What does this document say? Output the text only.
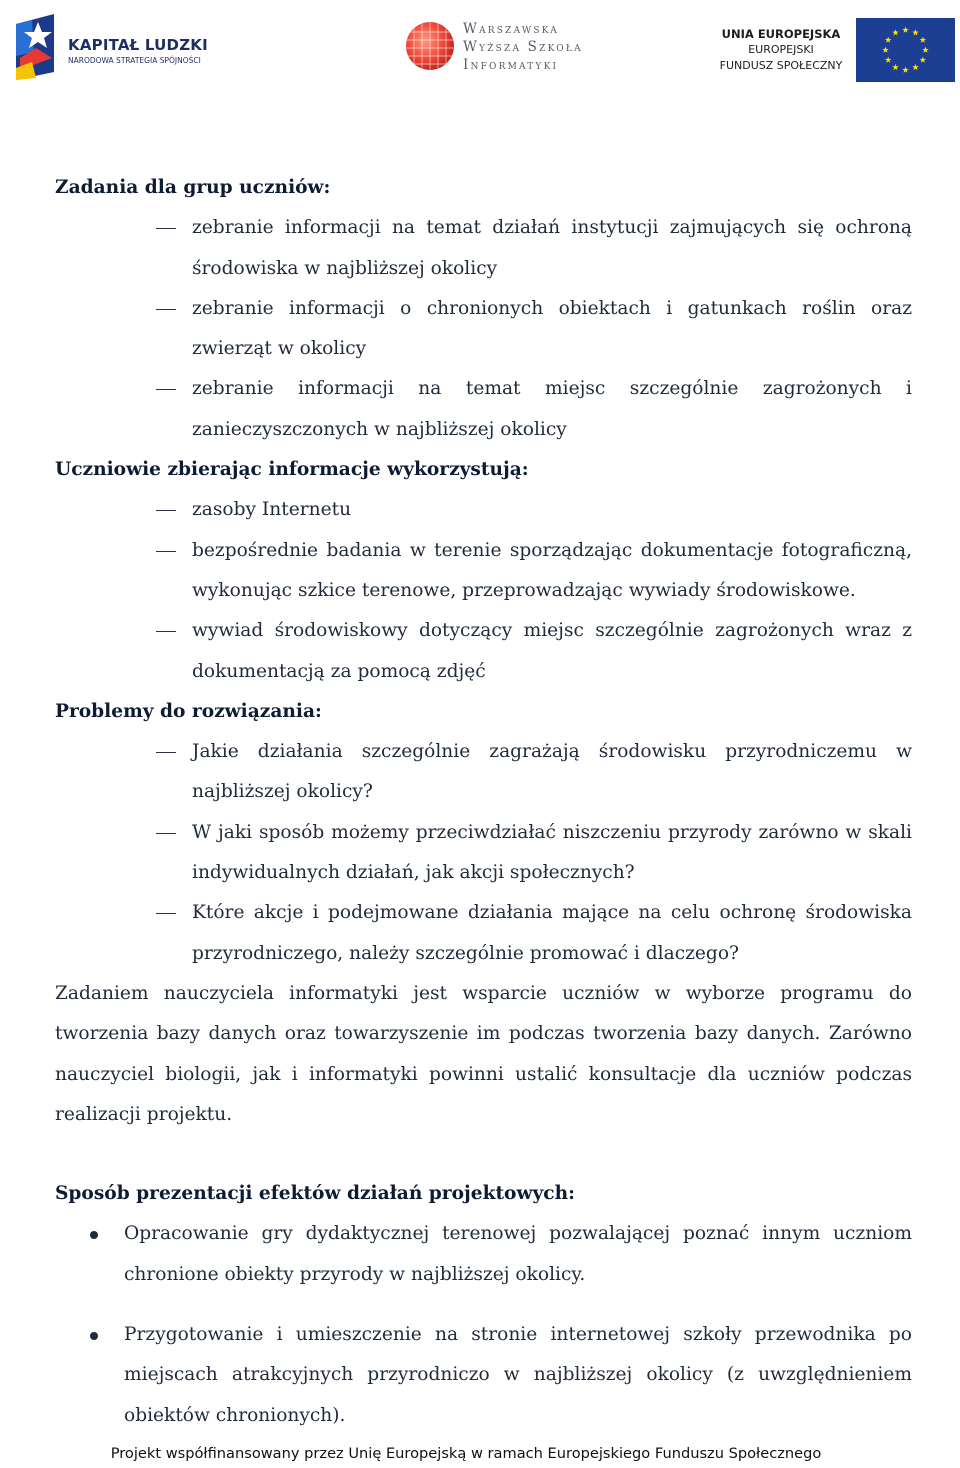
KAPITAŁ LUDZKI
NARODOWA STRATEGIA SPÓJNOŚCI
Warszawska
Wyższa Szkoła
Informatyki
UNIA EUROPEJSKA
EUROPEJSKI
FUNDUSZ SPOŁECZNY

Zadania dla grup uczniów:

zebranie informacji na temat działań instytucji zajmujących się ochroną środowiska w najbliższej okolicy
zebranie informacji o chronionych obiektach i gatunkach roślin oraz zwierząt w okolicy
zebranie informacji na temat miejsc szczególnie zagrożonych i zanieczyszczonych w najbliższej okolicy

Uczniowie zbierając informacje wykorzystują:

zasoby Internetu
bezpośrednie badania w terenie sporządzając dokumentacje fotograficzną, wykonując szkice terenowe, przeprowadzając wywiady środowiskowe.
wywiad środowiskowy dotyczący miejsc szczególnie zagrożonych wraz z dokumentacją za pomocą zdjęć

Problemy do rozwiązania:

Jakie działania szczególnie zagrażają środowisku przyrodniczemu w najbliższej okolicy?
W jaki sposób możemy przeciwdziałać niszczeniu przyrody zarówno w skali indywidualnych działań, jak akcji społecznych?
Które akcje i podejmowane działania mające na celu ochronę środowiska przyrodniczego, należy szczególnie promować i dlaczego?

Zadaniem nauczyciela informatyki jest wsparcie uczniów w wyborze programu do tworzenia bazy danych oraz towarzyszenie im podczas tworzenia bazy danych. Zarówno nauczyciel biologii, jak i informatyki powinni ustalić konsultacje dla uczniów podczas realizacji projektu.

Sposób prezentacji efektów działań projektowych:

Opracowanie gry dydaktycznej terenowej pozwalającej poznać innym uczniom chronione obiekty przyrody w najbliższej okolicy.
Przygotowanie i umieszczenie na stronie internetowej szkoły przewodnika po miejscach atrakcyjnych przyrodniczo w najbliższej okolicy (z uwzględnieniem obiektów chronionych).
Projekt współfinansowany przez Unię Europejską w ramach Europejskiego Funduszu Społecznego
